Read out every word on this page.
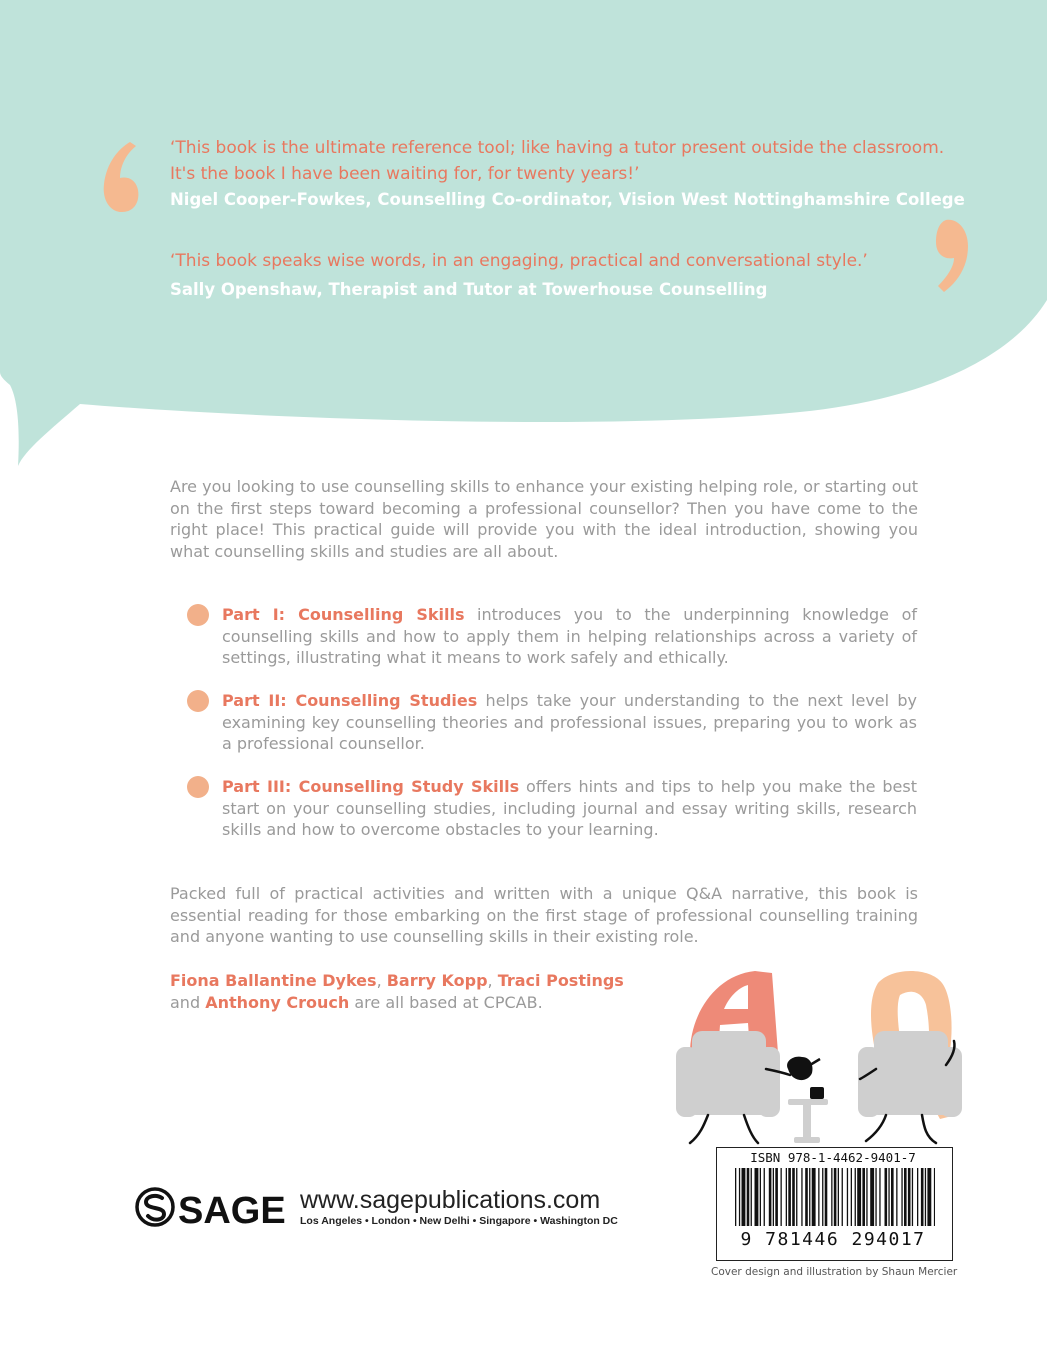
‘This book is the ultimate reference tool; like having a tutor present outside the classroom.
It's the book I have been waiting for, for twenty years!’
Nigel Cooper-Fowkes, Counselling Co-ordinator, Vision West Nottinghamshire College
‘This book speaks wise words, in an engaging, practical and conversational style.’
Sally Openshaw, Therapist and Tutor at Towerhouse Counselling
Are you looking to use counselling skills to enhance your existing helping role, or starting out on the first steps toward becoming a professional counsellor? Then you have come to the right place! This practical guide will provide you with the ideal introduction, showing you what counselling skills and studies are all about.
Part I: Counselling Skills introduces you to the underpinning knowledge of counselling skills and how to apply them in helping relationships across a variety of settings, illustrating what it means to work safely and ethically.
Part II: Counselling Studies helps take your understanding to the next level by examining key counselling theories and professional issues, preparing you to work as a professional counsellor.
Part III: Counselling Study Skills offers hints and tips to help you make the best start on your counselling studies, including journal and essay writing skills, research skills and how to overcome obstacles to your learning.
Packed full of practical activities and written with a unique Q&A narrative, this book is essential reading for those embarking on the first stage of professional counselling training and anyone wanting to use counselling skills in their existing role.
Fiona Ballantine Dykes, Barry Kopp, Traci Postings
and Anthony Crouch are all based at CPCAB.
ISBN 978-1-4462-9401-7
9 781446 294017
Cover design and illustration by Shaun Mercier
SAGE www.sagepublications.com
Los Angeles • London • New Delhi • Singapore • Washington DC
